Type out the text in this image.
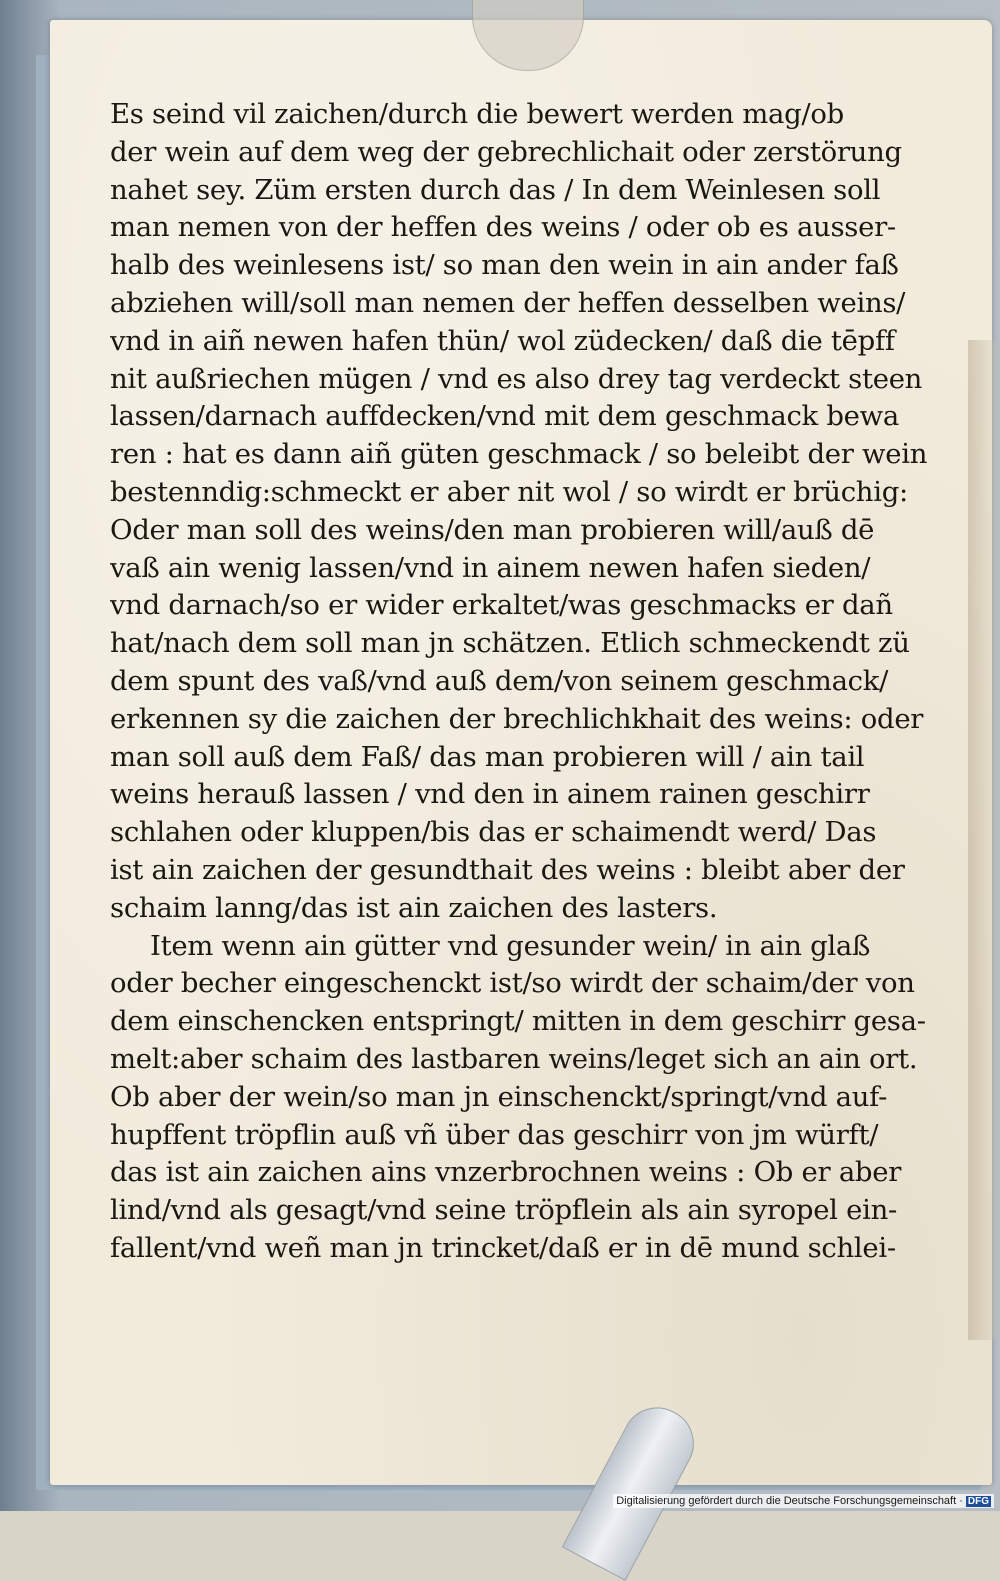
Es seind vil zaichen/durch die bewert werden mag/ob
der wein auf dem weg der gebrechlichait oder zerstörung
nahet sey. Züm ersten durch das / In dem Weinlesen soll
man nemen von der heffen des weins / oder ob es ausser-
halb des weinlesens ist/ so man den wein in ain ander faß
abziehen will/soll man nemen der heffen desselben weins/
vnd in aiñ newen hafen thün/ wol züdecken/ daß die tēpff
nit außriechen mügen / vnd es also drey tag verdeckt steen
lassen/darnach auffdecken/vnd mit dem geschmack bewa
ren : hat es dann aiñ güten geschmack / so beleibt der wein
bestenndig:schmeckt er aber nit wol / so wirdt er brüchig:
Oder man soll des weins/den man probieren will/auß dē
vaß ain wenig lassen/vnd in ainem newen hafen sieden/
vnd darnach/so er wider erkaltet/was geschmacks er dañ
hat/nach dem soll man jn schätzen. Etlich schmeckendt zü
dem spunt des vaß/vnd auß dem/von seinem geschmack/
erkennen sy die zaichen der brechlichkhait des weins: oder
man soll auß dem Faß/ das man probieren will / ain tail
weins herauß lassen / vnd den in ainem rainen geschirr
schlahen oder kluppen/bis das er schaimendt werd/ Das
ist ain zaichen der gesundthait des weins : bleibt aber der
schaim lanng/das ist ain zaichen des lasters.
Item wenn ain gütter vnd gesunder wein/ in ain glaß
oder becher eingeschenckt ist/so wirdt der schaim/der von
dem einschencken entspringt/ mitten in dem geschirr gesa-
melt:aber schaim des lastbaren weins/leget sich an ain ort.
Ob aber der wein/so man jn einschenckt/springt/vnd auf-
hupffent tröpflin auß vñ über das geschirr von jm würft/
das ist ain zaichen ains vnzerbrochnen weins : Ob er aber
lind/vnd als gesagt/vnd seine tröpflein als ain syropel ein-
fallent/vnd weñ man jn trincket/daß er in dē mund schlei-
Digitalisierung gefördert durch die Deutsche Forschungsgemeinschaft · DFG
